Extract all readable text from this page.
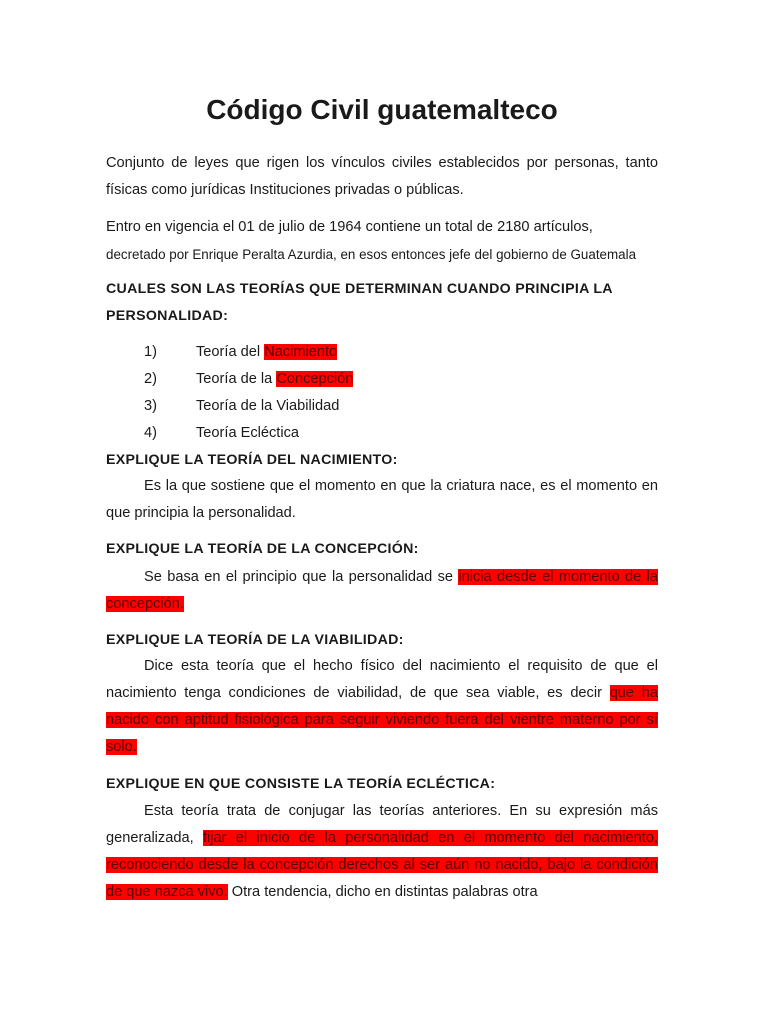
Código Civil guatemalteco

Conjunto de leyes que rigen los vínculos civiles establecidos por personas, tanto físicas como jurídicas Instituciones privadas o públicas.

Entro en vigencia el 01 de julio de 1964 contiene un total de 2180 artículos,
decretado por Enrique Peralta Azurdia, en esos entonces jefe del gobierno de Guatemala

CUALES SON LAS TEORÍAS QUE DETERMINAN CUANDO PRINCIPIA LA PERSONALIDAD:
1)	Teoría del Nacimiento
2)	Teoría de la Concepción
3)	Teoría de la Viabilidad
4)	Teoría Ecléctica
EXPLIQUE LA TEORÍA DEL NACIMIENTO:

Es la que sostiene que el momento en que la criatura nace, es el momento en que principia la personalidad.

EXPLIQUE LA TEORÍA DE LA CONCEPCIÓN:

Se basa en el principio que la personalidad se inicia desde el momento de la concepción.

EXPLIQUE LA TEORÍA DE LA VIABILIDAD:

Dice esta teoría que el hecho físico del nacimiento el requisito de que el nacimiento tenga condiciones de viabilidad, de que sea viable, es decir que ha nacido con aptitud fisiológica para seguir viviendo fuera del vientre materno por sí solo.

EXPLIQUE EN QUE CONSISTE LA TEORÍA ECLÉCTICA:

Esta teoría trata de conjugar las teorías anteriores. En su expresión más generalizada, fijar el inicio de la personalidad en el momento del nacimiento, reconociendo desde la concepción derechos al ser aún no nacido, bajo la condición de que nazca vivo. Otra tendencia, dicho en distintas palabras otra
